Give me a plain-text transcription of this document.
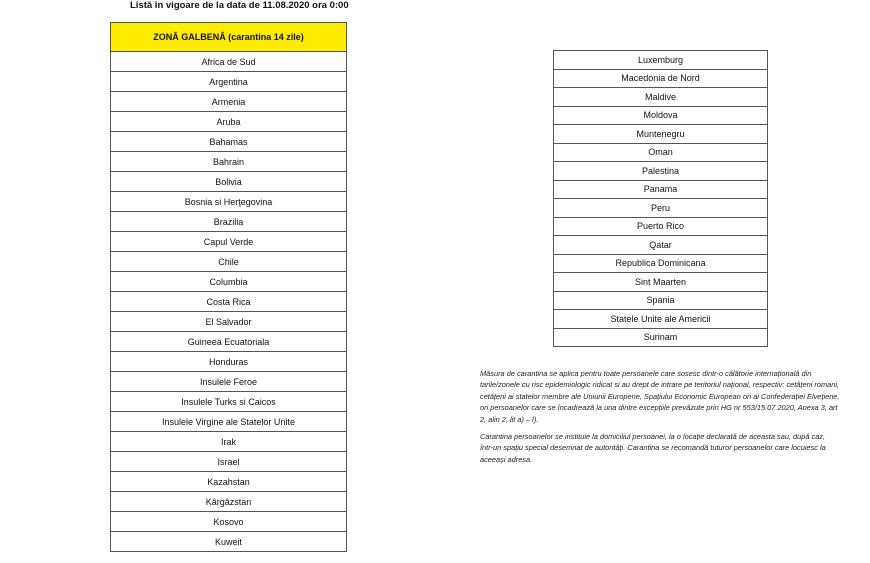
Listă în vigoare de la data de 11.08.2020 ora 0:00
ZONĂ GALBENĂ (carantina 14 zile)
Africa de Sud
Argentina
Armenia
Aruba
Bahamas
Bahrain
Bolivia
Bosnia si Herţegovina
Brazilia
Capul Verde
Chile
Columbia
Costa Rica
El Salvador
Guineea Ecuatoriala
Honduras
Insulele Feroe
Insulele Turks si Caicos
Insulele Virgine ale Statelor Unite
Irak
Israel
Kazahstan
Kârgâzstan
Kosovo
Kuweit
Luxemburg
Macedonia de Nord
Maldive
Moldova
Muntenegru
Oman
Palestina
Panama
Peru
Puerto Rico
Qatar
Republica Dominicana
Sint Maarten
Spania
Statele Unite ale Americii
Surinam

Măsura de carantina se aplica pentru toate persoanele care sosesc dintr-o călătorie internațională din tarile/zonele cu risc epidemiologic ridicat si au drept de intrare pe teritoriul național, respectiv: cetățeni romani, cetățeni ai statelor membre ale Uniunii Europene, Spațiului Economic European ori ai Confederației Elvețiene, ori persoanelor care se încadrează la una dintre excepțiile prevăzute prin HG nr 553/15.07.2020, Anexa 3, art 2, alin 2, lit a) – l).

Carantina persoanelor se instituie la domiciliul persoanei, la o locație declarată de aceasta sau, după caz, într-un spațiu special desemnat de autorități. Carantina se recomandă tuturor persoanelor care locuiesc la aceeași adresa.
